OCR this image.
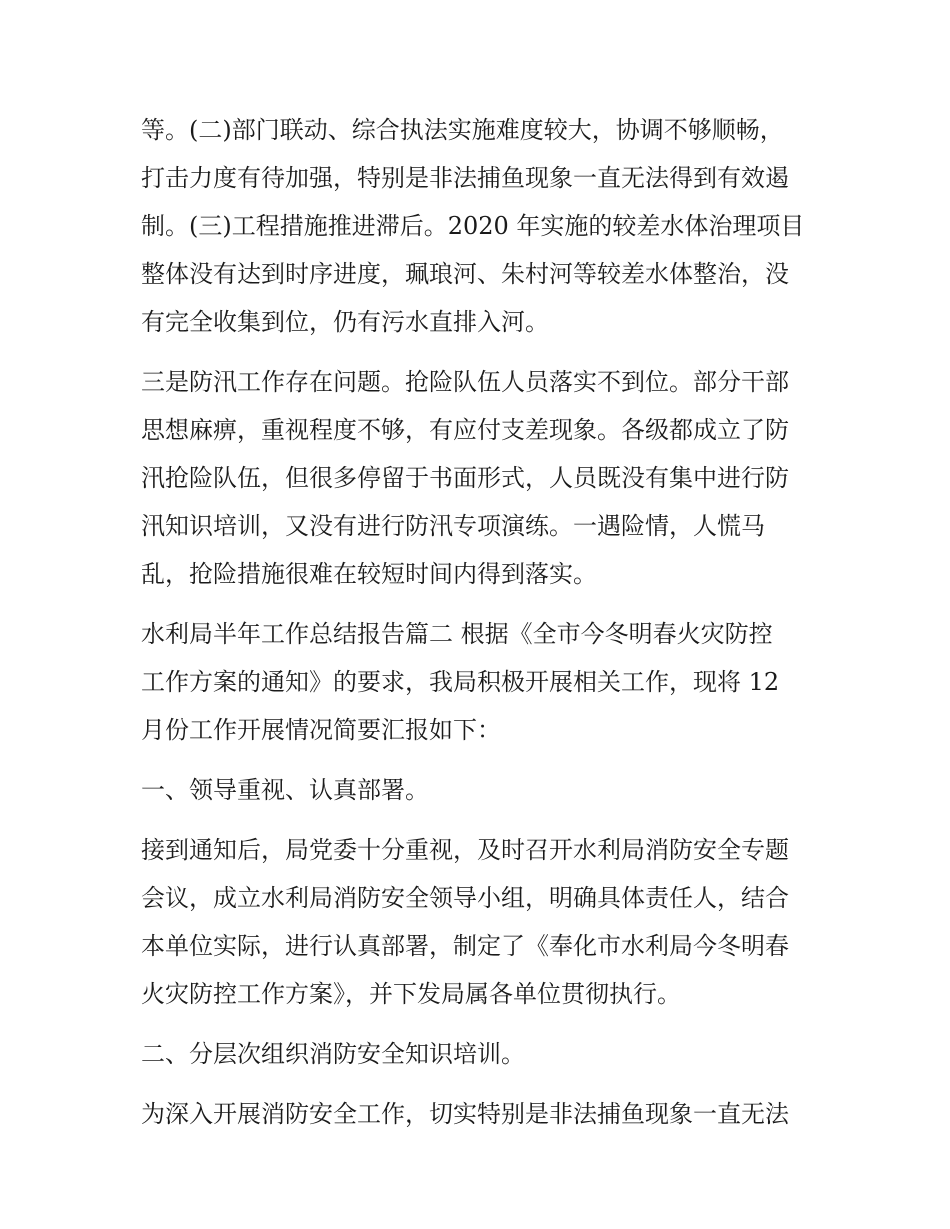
等。(二)部门联动、综合执法实施难度较大，协调不够顺畅，
打击力度有待加强，特别是非法捕鱼现象一直无法得到有效遏
制。(三)工程措施推进滞后。2020 年实施的较差水体治理项目
整体没有达到时序进度，珮琅河、朱村河等较差水体整治，没
有完全收集到位，仍有污水直排入河。
三是防汛工作存在问题。抢险队伍人员落实不到位。部分干部
思想麻痹，重视程度不够，有应付支差现象。各级都成立了防
汛抢险队伍，但很多停留于书面形式，人员既没有集中进行防
汛知识培训，又没有进行防汛专项演练。一遇险情，人慌马
乱，抢险措施很难在较短时间内得到落实。
水利局半年工作总结报告篇二 根据《全市今冬明春火灾防控
工作方案的通知》的要求，我局积极开展相关工作，现将 12
月份工作开展情况简要汇报如下：
一、领导重视、认真部署。
接到通知后，局党委十分重视，及时召开水利局消防安全专题
会议，成立水利局消防安全领导小组，明确具体责任人，结合
本单位实际，进行认真部署，制定了《奉化市水利局今冬明春
火灾防控工作方案》，并下发局属各单位贯彻执行。
二、分层次组织消防安全知识培训。
为深入开展消防安全工作，切实特别是非法捕鱼现象一直无法
